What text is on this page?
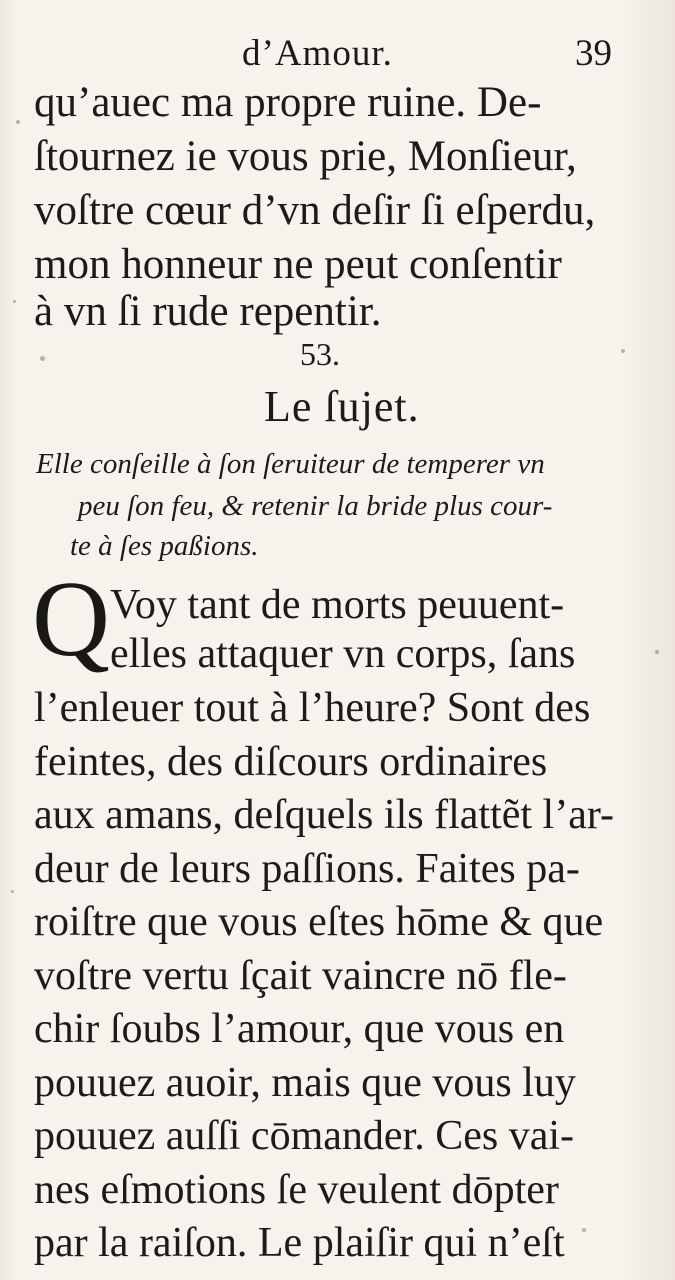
d’Amour.	39
qu’auec ma propre ruine. De-
ſtournez ie vous prie, Monſieur,
voſtre cœur d’vn deſir ſi eſperdu,
mon honneur ne peut conſentir
à vn ſi rude repentir.
53.
Le ſujet.
Elle conſeille à ſon ſeruiteur de temperer vn
peu ſon feu, & retenir la bride plus cour-
te à ſes paßions.
Q Voy tant de morts peuuent-
elles attaquer vn corps, ſans
l’enleuer tout à l’heure? Sont des
feintes, des diſcours ordinaires
aux amans, deſquels ils flattẽt l’ar-
deur de leurs paſſions. Faites pa-
roiſtre que vous eſtes hōme & que
voſtre vertu ſçait vaincre nō fle-
chir ſoubs l’amour, que vous en
pouuez auoir, mais que vous luy
pouuez auſſi cōmander. Ces vai-
nes eſmotions ſe veulent dōpter
par la raiſon. Le plaiſir qui n’eſt
